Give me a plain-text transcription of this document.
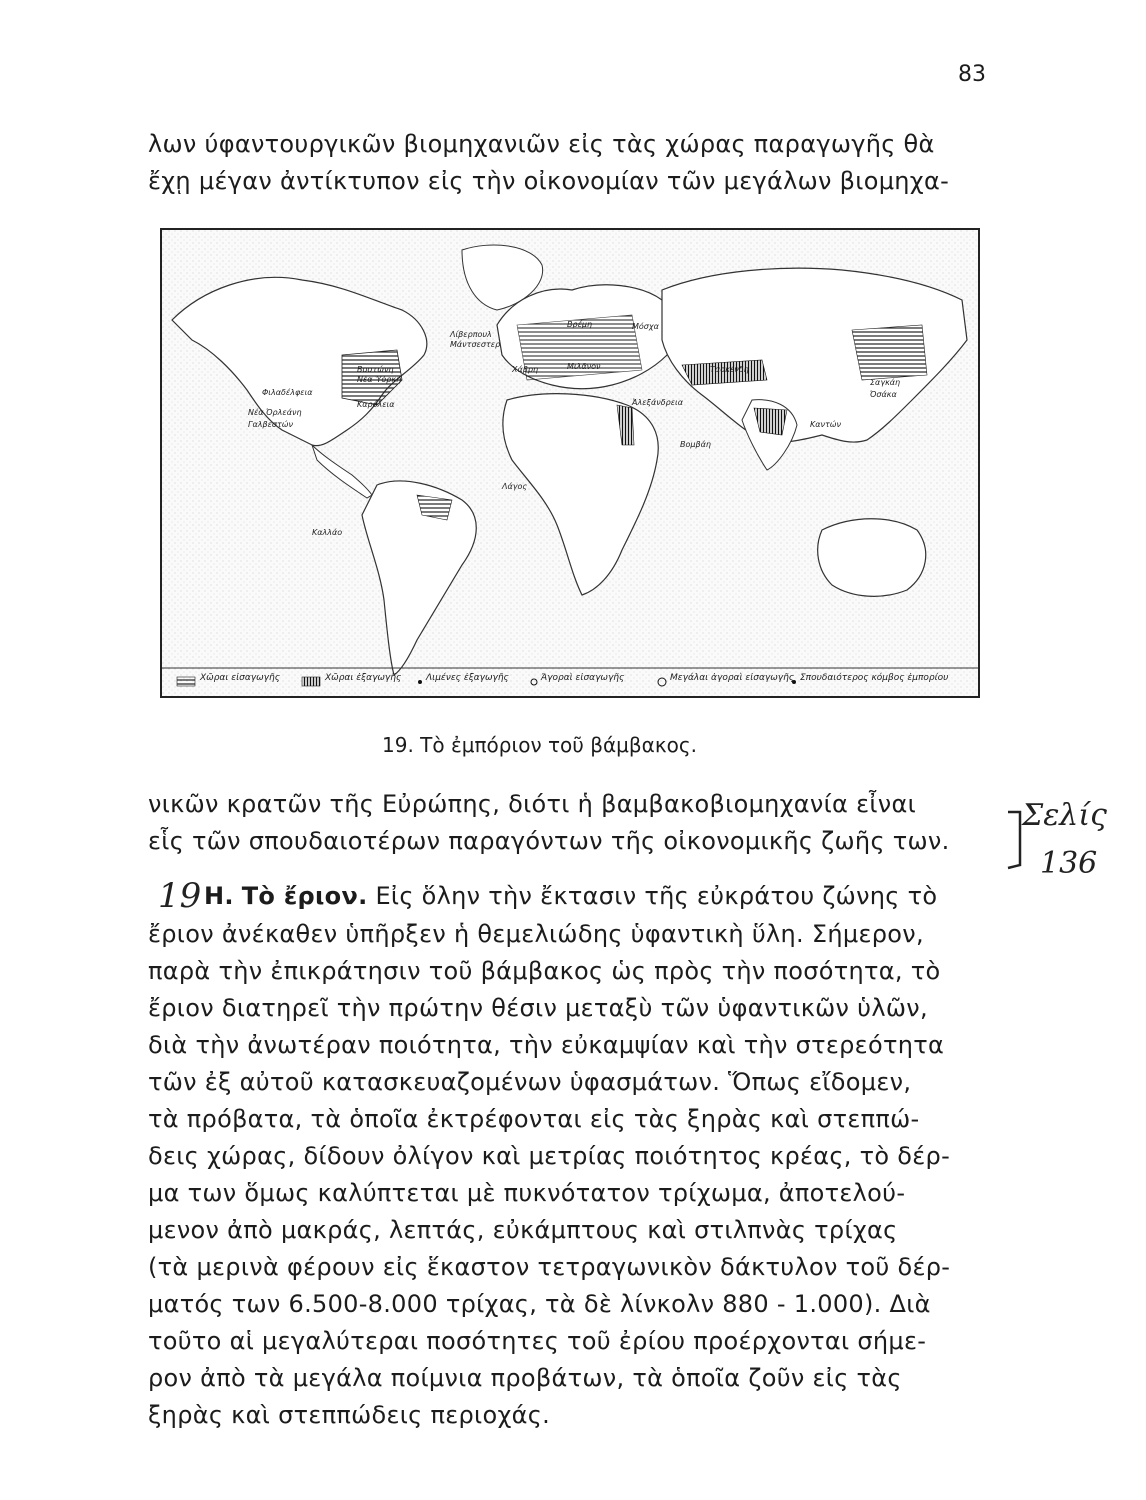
83
λων ύφαντουργικῶν βιομηχανιῶν εἰς τὰς χώρας παραγωγῆς θὰ
ἔχῃ μέγαν ἀντίκτυπον εἰς τὴν οἰκονομίαν τῶν μεγάλων βιομηχα-
Χῶραι εἰσαγωγῆς	Χῶραι ἐξαγωγῆς	Λιμένες ἐξαγωγῆς	Ἀγοραὶ εἰσαγωγῆς	Μεγάλαι ἀγοραὶ εἰσαγωγῆς Σπουδαιότερος κόμβος ἐμπορίου
Φιλαδέλφεια
Νέα Ὀρλεάνη
Γαλβεστών
Βοστώνη
Νέα Ὑόρκη
Καρόλεια
Λίβερπουλ
Μάντσεστερ
Βρέμη	Μόσχα
Χάβρη	Μιλᾶνον
Ἀλεξάνδρεια
Βομβάη
Τασκένδη
Σαγκάη
Ὀσάκα
Καντών
Καλλάο
Λάγος
19. Τὸ ἐμπόριον τοῦ βάμβακος.
νικῶν κρατῶν τῆς Εὐρώπης, διότι ἡ βαμβακοβιομηχανία εἶναι
εἷς τῶν σπουδαιοτέρων παραγόντων τῆς οἰκονομικῆς ζωῆς των.
Σελίς
136
19 Η. Τὸ ἔριον. Εἰς ὅλην τὴν ἔκτασιν τῆς εὐκράτου ζώνης τὸ
ἔριον ἀνέκαθεν ὑπῆρξεν ἡ θεμελιώδης ὑφαντικὴ ὕλη. Σήμερον,
παρὰ τὴν ἐπικράτησιν τοῦ βάμβακος ὡς πρὸς τὴν ποσότητα, τὸ
ἔριον διατηρεῖ τὴν πρώτην θέσιν μεταξὺ τῶν ὑφαντικῶν ὑλῶν,
διὰ τὴν ἀνωτέραν ποιότητα, τὴν εὐκαμψίαν καὶ τὴν στερεότητα
τῶν ἐξ αὐτοῦ κατασκευαζομένων ὑφασμάτων. Ὅπως εἴδομεν,
τὰ πρόβατα, τὰ ὁποῖα ἐκτρέφονται εἰς τὰς ξηρὰς καὶ στεππώ-
δεις χώρας, δίδουν ὀλίγον καὶ μετρίας ποιότητος κρέας, τὸ δέρ-
μα των ὅμως καλύπτεται μὲ πυκνότατον τρίχωμα, ἀποτελού-
μενον ἀπὸ μακράς, λεπτάς, εὐκάμπτους καὶ στιλπνὰς τρίχας
(τὰ μερινὰ φέρουν εἰς ἕκαστον τετραγωνικὸν δάκτυλον τοῦ δέρ-
ματός των 6.500-8.000 τρίχας, τὰ δὲ λίνκολν 880 - 1.000). Διὰ
τοῦτο αἱ μεγαλύτεραι ποσότητες τοῦ ἐρίου προέρχονται σήμε-
ρον ἀπὸ τὰ μεγάλα ποίμνια προβάτων, τὰ ὁποῖα ζοῦν εἰς τὰς
ξηρὰς καὶ στεππώδεις περιοχάς.
